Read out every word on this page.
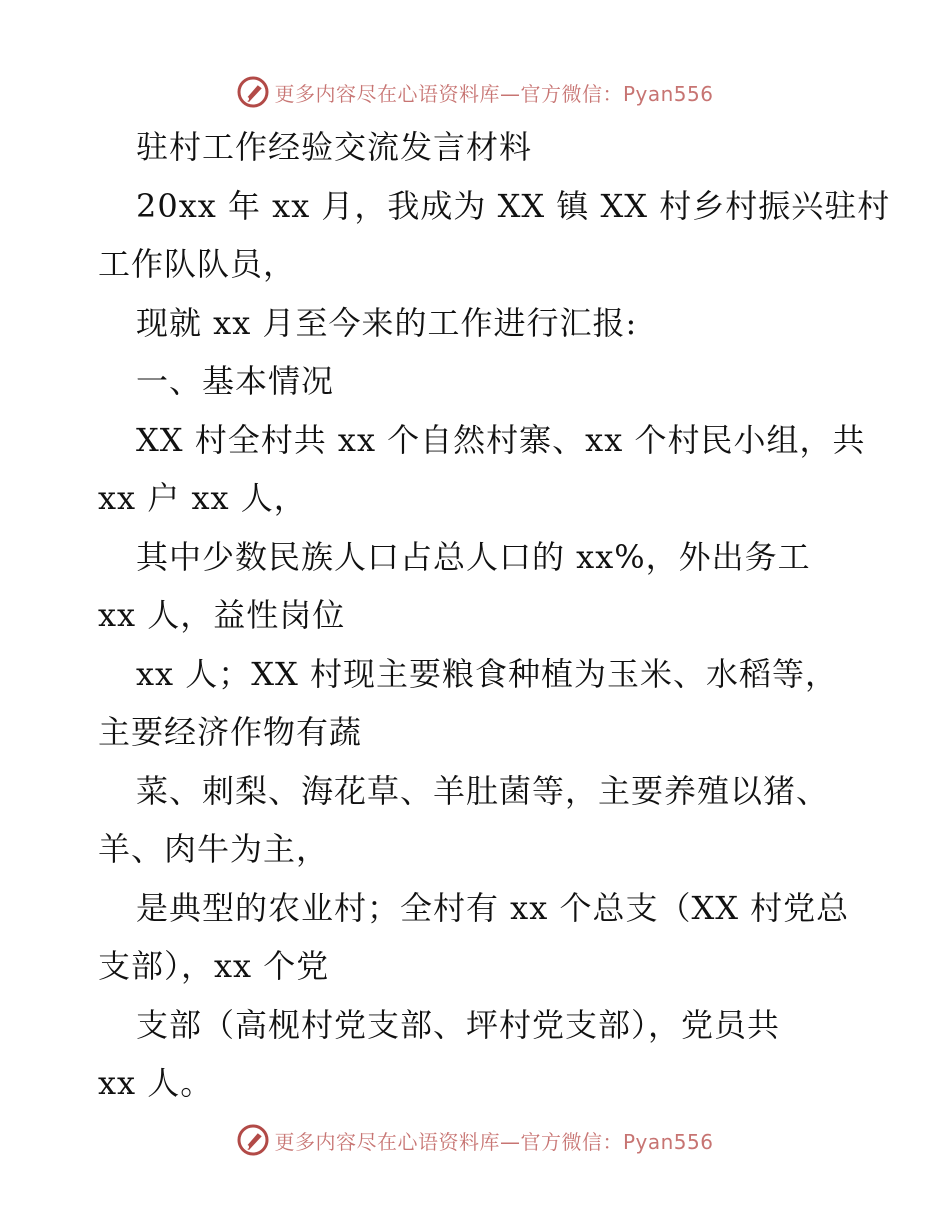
更多内容尽在心语资料库—官方微信：Pyan556
驻村工作经验交流发言材料
20xx 年 xx 月，我成为 XX 镇 XX 村乡村振兴驻村
工作队队员，
现就 xx 月至今来的工作进行汇报:
一、基本情况
XX 村全村共 xx 个自然村寨、xx 个村民小组，共
xx 户 xx 人，
其中少数民族人口占总人口的 xx%，外出务工
xx 人，益性岗位
xx 人；XX 村现主要粮食种植为玉米、水稻等，
主要经济作物有蔬
菜、刺梨、海花草、羊肚菌等，主要养殖以猪、
羊、肉牛为主，
是典型的农业村；全村有 xx 个总支（XX 村党总
支部），xx 个党
支部（高枧村党支部、坪村党支部），党员共
xx 人。
更多内容尽在心语资料库—官方微信：Pyan556
